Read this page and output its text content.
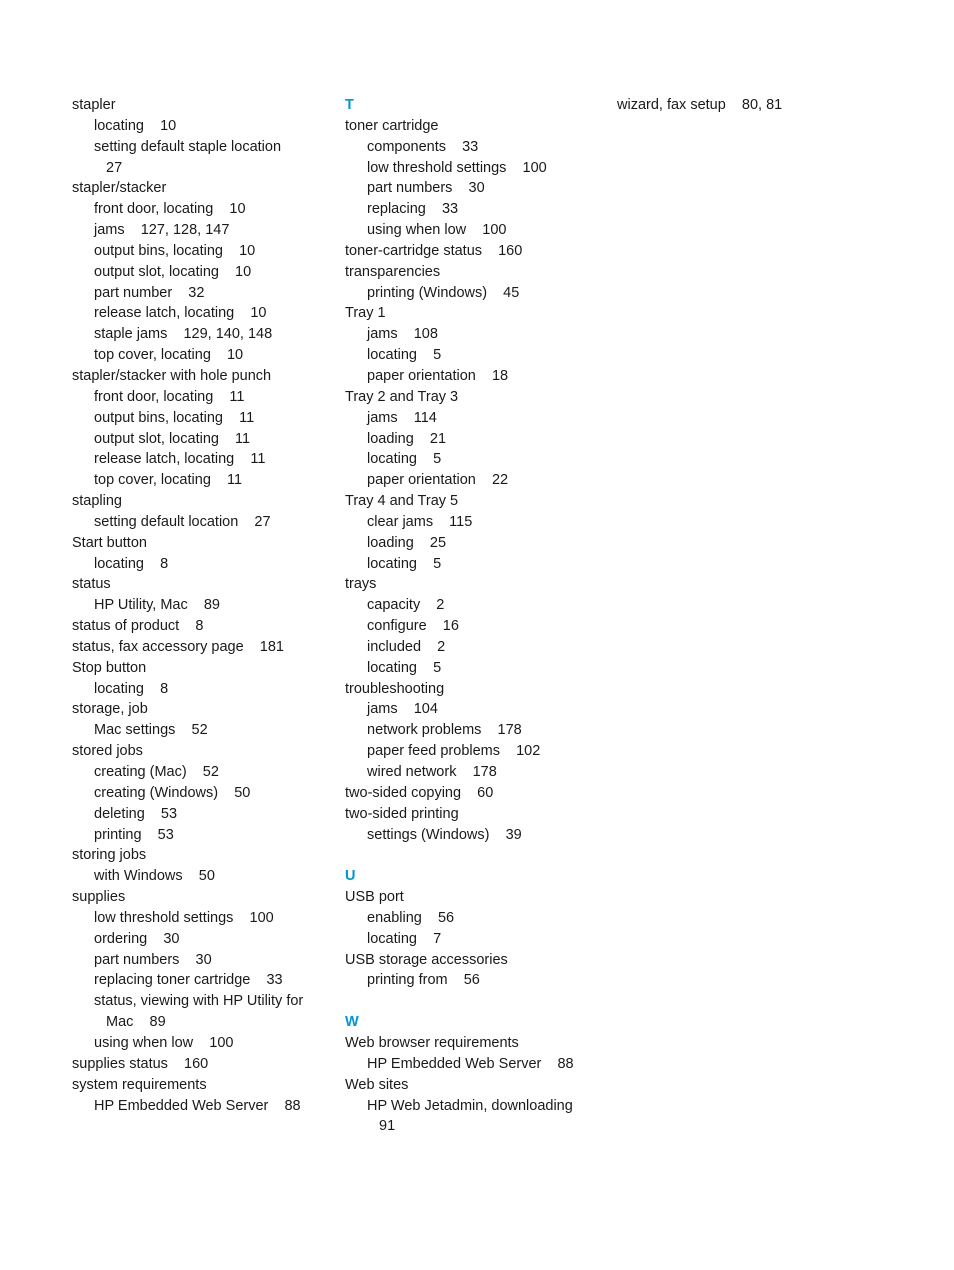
stapler
locating    10
setting default staple location
27
stapler/stacker
front door, locating    10
jams    127, 128, 147
output bins, locating    10
output slot, locating    10
part number    32
release latch, locating    10
staple jams    129, 140, 148
top cover, locating    10
stapler/stacker with hole punch
front door, locating    11
output bins, locating    11
output slot, locating    11
release latch, locating    11
top cover, locating    11
stapling
setting default location    27
Start button
locating    8
status
HP Utility, Mac    89
status of product    8
status, fax accessory page    181
Stop button
locating    8
storage, job
Mac settings    52
stored jobs
creating (Mac)    52
creating (Windows)    50
deleting    53
printing    53
storing jobs
with Windows    50
supplies
low threshold settings    100
ordering    30
part numbers    30
replacing toner cartridge    33
status, viewing with HP Utility for
Mac    89
using when low    100
supplies status    160
system requirements
HP Embedded Web Server    88
T
toner cartridge
components    33
low threshold settings    100
part numbers    30
replacing    33
using when low    100
toner-cartridge status    160
transparencies
printing (Windows)    45
Tray 1
jams    108
locating    5
paper orientation    18
Tray 2 and Tray 3
jams    114
loading    21
locating    5
paper orientation    22
Tray 4 and Tray 5
clear jams    115
loading    25
locating    5
trays
capacity    2
configure    16
included    2
locating    5
troubleshooting
jams    104
network problems    178
paper feed problems    102
wired network    178
two-sided copying    60
two-sided printing
settings (Windows)    39
U
USB port
enabling    56
locating    7
USB storage accessories
printing from    56
W
Web browser requirements
HP Embedded Web Server    88
Web sites
HP Web Jetadmin, downloading
91
wizard, fax setup    80, 81
